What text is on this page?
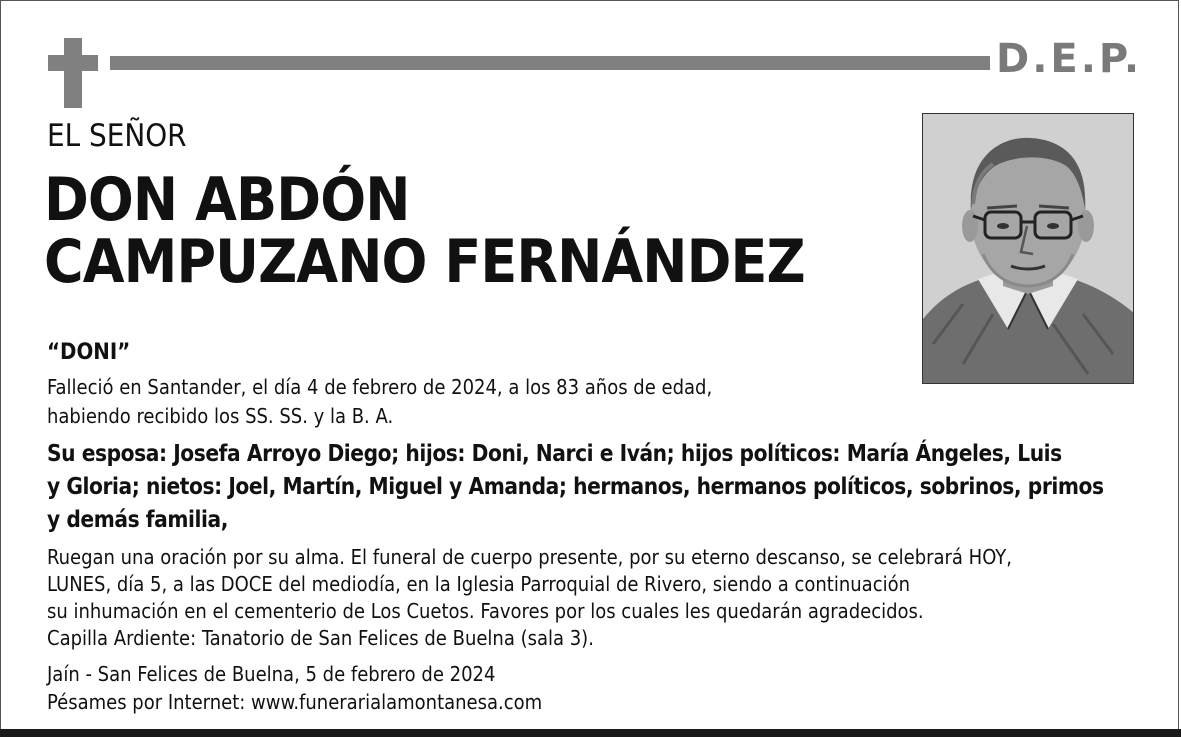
D.E.P.
EL SEÑOR
DON ABDÓN
CAMPUZANO FERNÁNDEZ
“DONI”
Falleció en Santander, el día 4 de febrero de 2024, a los 83 años de edad,
habiendo recibido los SS. SS. y la B. A.
Su esposa: Josefa Arroyo Diego; hijos: Doni, Narci e Iván; hijos políticos: María Ángeles, Luis
y Gloria; nietos: Joel, Martín, Miguel y Amanda; hermanos, hermanos políticos, sobrinos, primos
y demás familia,
Ruegan una oración por su alma. El funeral de cuerpo presente, por su eterno descanso, se celebrará HOY,
LUNES, día 5, a las DOCE del mediodía, en la Iglesia Parroquial de Rivero, siendo a continuación
su inhumación en el cementerio de Los Cuetos. Favores por los cuales les quedarán agradecidos.
Capilla Ardiente: Tanatorio de San Felices de Buelna (sala 3).
Jaín - San Felices de Buelna, 5 de febrero de 2024
Pésames por Internet: www.funerarialamontanesa.com
